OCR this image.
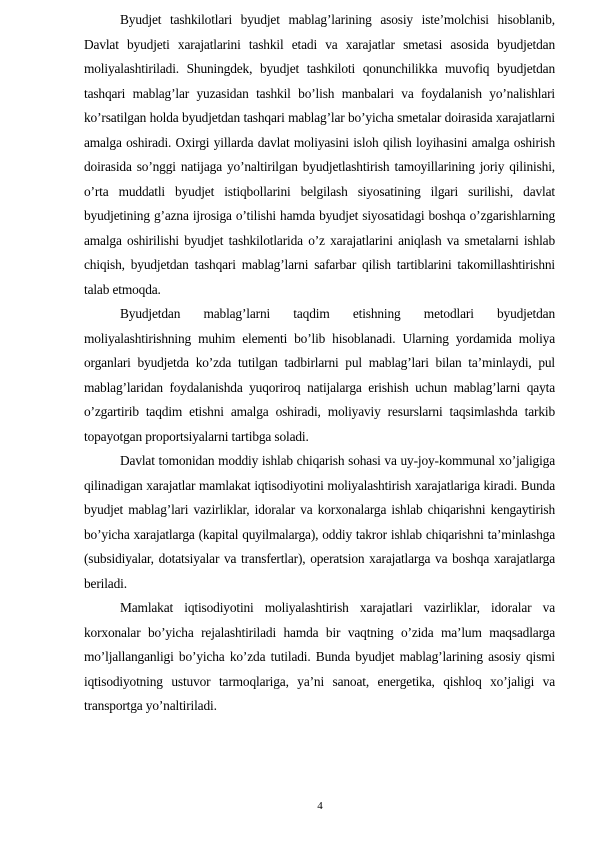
Byudjet tashkilotlari byudjet mablag’larining asosiy iste’molchisi hisoblanib, Davlat byudjeti xarajatlarini tashkil etadi va xarajatlar smetasi asosida byudjetdan moliyalashtiriladi. Shuningdek, byudjet tashkiloti qonunchilikka muvofiq byudjetdan tashqari mablag’lar yuzasidan tashkil bo’lish manbalari va foydalanish yo’nalishlari ko’rsatilgan holda byudjetdan tashqari mablag’lar bo’yicha smetalar doirasida xarajatlarni amalga oshiradi. Oxirgi yillarda davlat moliyasini isloh qilish loyihasini amalga oshirish doirasida so’nggi natijaga yo’naltirilgan byudjetlashtirish tamoyillarining joriy qilinishi, o’rta muddatli byudjet istiqbollarini belgilash siyosatining ilgari surilishi, davlat byudjetining g’azna ijrosiga o’tilishi hamda byudjet siyosatidagi boshqa o’zgarishlarning amalga oshirilishi byudjet tashkilotlarida o’z xarajatlarini aniqlash va smetalarni ishlab chiqish, byudjetdan tashqari mablag’larni safarbar qilish tartiblarini takomillashtirishni talab etmoqda.

Byudjetdan mablag’larni taqdim etishning metodlari byudjetdan moliyalashtirishning muhim elementi bo’lib hisoblanadi. Ularning yordamida moliya organlari byudjetda ko’zda tutilgan tadbirlarni pul mablag’lari bilan ta’minlaydi, pul mablag’laridan foydalanishda yuqoriroq natijalarga erishish uchun mablag’larni qayta o’zgartirib taqdim etishni amalga oshiradi, moliyaviy resurslarni taqsimlashda tarkib topayotgan proportsiyalarni tartibga soladi.

Davlat tomonidan moddiy ishlab chiqarish sohasi va uy-joy-kommunal xo’jaligiga qilinadigan xarajatlar mamlakat iqtisodiyotini moliyalashtirish xarajatlariga kiradi. Bunda byudjet mablag’lari vazirliklar, idoralar va korxonalarga ishlab chiqarishni kengaytirish bo’yicha xarajatlarga (kapital quyilmalarga), oddiy takror ishlab chiqarishni ta’minlashga (subsidiyalar, dotatsiyalar va transfertlar), operatsion xarajatlarga va boshqa xarajatlarga beriladi.

Mamlakat iqtisodiyotini moliyalashtirish xarajatlari vazirliklar, idoralar va korxonalar bo’yicha rejalashtiriladi hamda bir vaqtning o’zida ma’lum maqsadlarga mo’ljallanganligi bo’yicha ko’zda tutiladi. Bunda byudjet mablag’larining asosiy qismi iqtisodiyotning ustuvor tarmoqlariga, ya’ni sanoat, energetika, qishloq xo’jaligi va transportga yo’naltiriladi.

4
